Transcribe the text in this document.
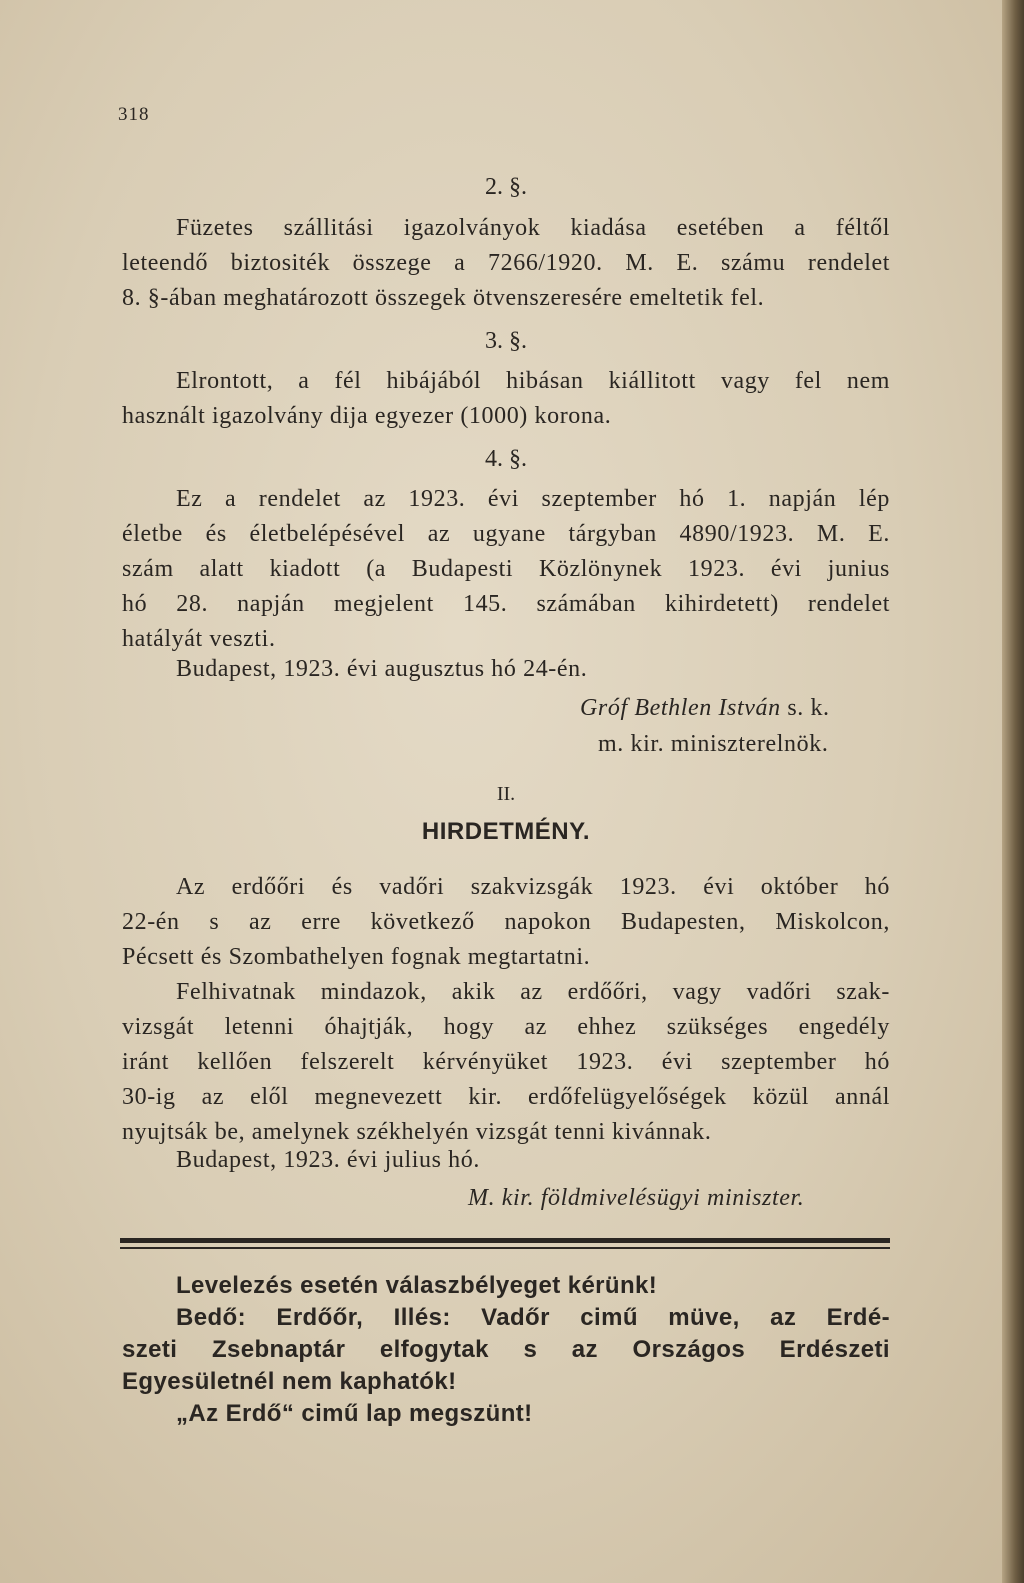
318
2. §.

Füzetes szállitási igazolványok kiadása esetében a féltől

leteendő biztositék összege a 7266/1920. M. E. számu rendelet

8. §-ában meghatározott összegek ötvenszeresére emeltetik fel.

3. §.

Elrontott, a fél hibájából hibásan kiállitott vagy fel nem

használt igazolvány dija egyezer (1000) korona.

4. §.

Ez a rendelet az 1923. évi szeptember hó 1. napján lép

életbe és életbelépésével az ugyane tárgyban 4890/1923. M. E.

szám alatt kiadott (a Budapesti Közlönynek 1923. évi junius

hó 28. napján megjelent 145. számában kihirdetett) rendelet

hatályát veszti.

Budapest, 1923. évi augusztus hó 24-én.
Gróf Bethlen István s. k.
m. kir. miniszterelnök.
II.
HIRDETMÉNY.

Az erdőőri és vadőri szakvizsgák 1923. évi október hó

22-én s az erre következő napokon Budapesten, Miskolcon,

Pécsett és Szombathelyen fognak megtartatni.

Felhivatnak mindazok, akik az erdőőri, vagy vadőri szak-

vizsgát letenni óhajtják, hogy az ehhez szükséges engedély

iránt kellően felszerelt kérvényüket 1923. évi szeptember hó

30-ig az elől megnevezett kir. erdőfelügyelőségek közül annál

nyujtsák be, amelynek székhelyén vizsgát tenni kivánnak.

Budapest, 1923. évi julius hó.
M. kir. földmivelésügyi miniszter.

Levelezés esetén válaszbélyeget kérünk!

Bedő: Erdőőr, Illés: Vadőr cimű müve, az Erdé-

szeti Zsebnaptár elfogytak s az Országos Erdészeti

Egyesületnél nem kaphatók!

„Az Erdő“ cimű lap megszünt!
